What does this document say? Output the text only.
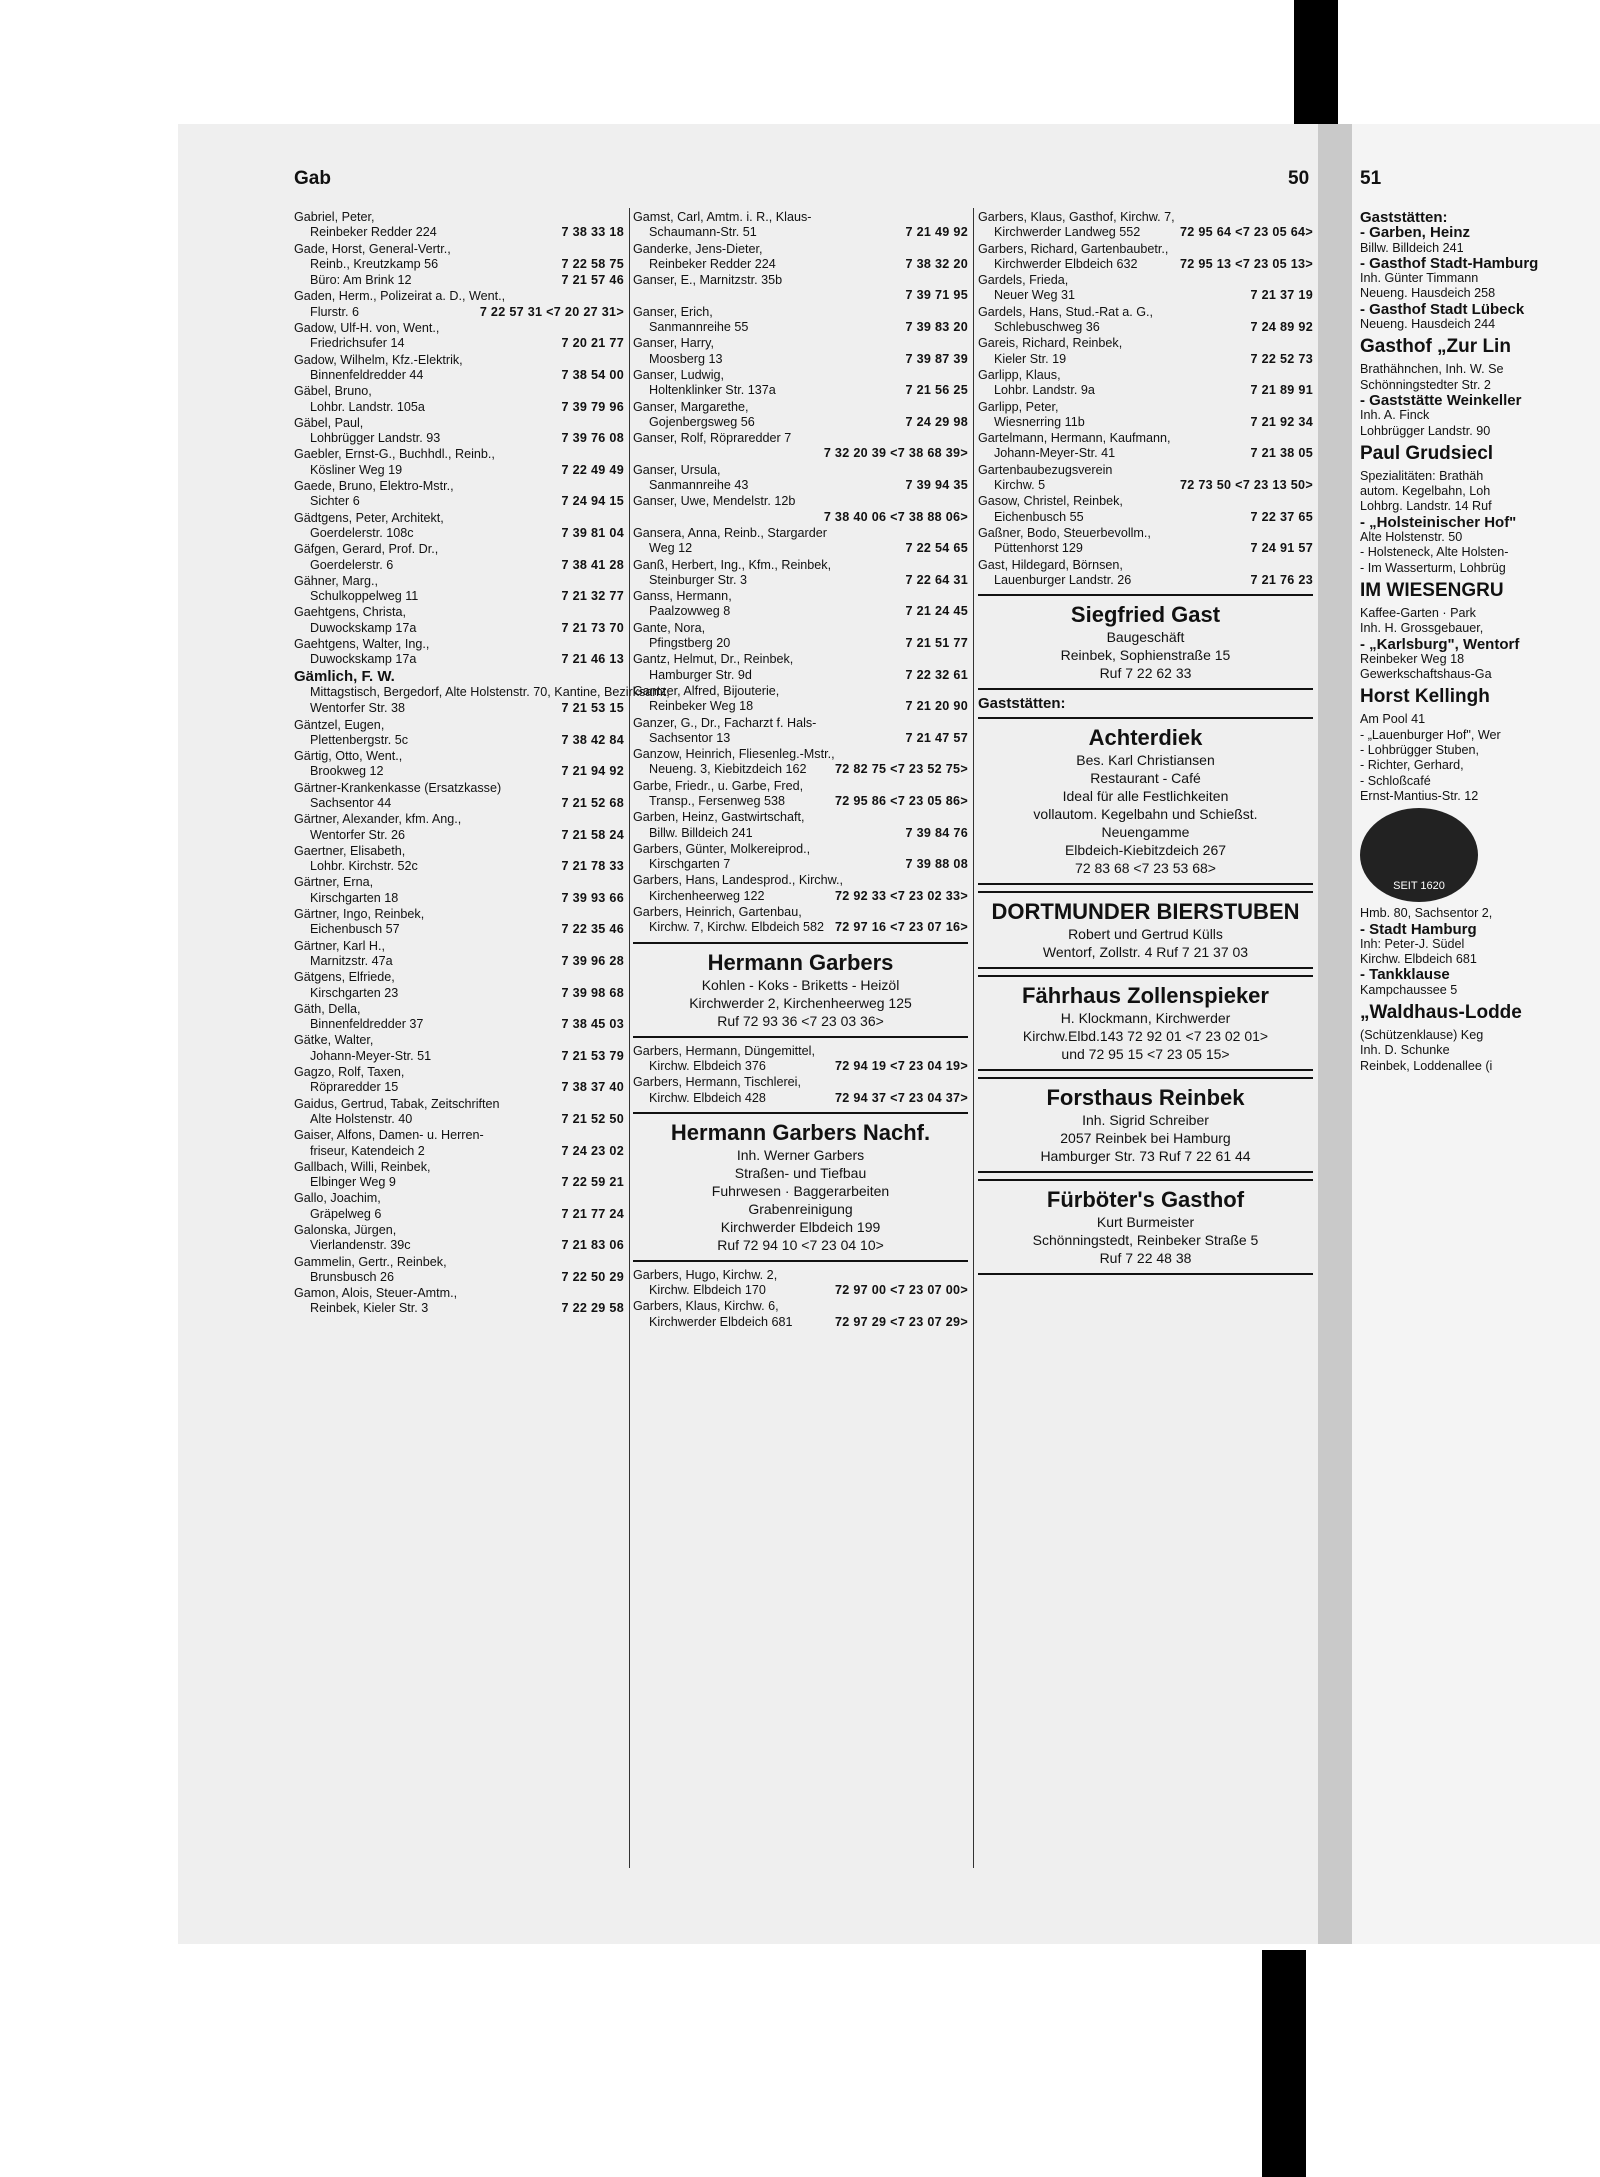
Gab	50
Gabriel, Peter,
Reinbeker Redder 224	7 38 33 18
Gade, Horst, General-Vertr.,
Reinb., Kreutzkamp 56	7 22 58 75
Büro: Am Brink 12	7 21 57 46
Gaden, Herm., Polizeirat a. D., Went.,
Flurstr. 6	7 22 57 31 <7 20 27 31>
Gadow, Ulf-H. von, Went.,
Friedrichsufer 14	7 20 21 77
Gadow, Wilhelm, Kfz.-Elektrik,
Binnenfeldredder 44	7 38 54 00
Gäbel, Bruno,
Lohbr. Landstr. 105a	7 39 79 96
Gäbel, Paul,
Lohbrügger Landstr. 93	7 39 76 08
Gaebler, Ernst-G., Buchhdl., Reinb.,
Kösliner Weg 19	7 22 49 49
Gaede, Bruno, Elektro-Mstr.,
Sichter 6	7 24 94 15
Gädtgens, Peter, Architekt,
Goerdelerstr. 108c	7 39 81 04
Gäfgen, Gerard, Prof. Dr.,
Goerdelerstr. 6	7 38 41 28
Gähner, Marg.,
Schulkoppelweg 11	7 21 32 77
Gaehtgens, Christa,
Duwockskamp 17a	7 21 73 70
Gaehtgens, Walter, Ing.,
Duwockskamp 17a	7 21 46 13
Gämlich, F. W.
Mittagstisch, Bergedorf, Alte Holstenstr. 70, Kantine, Bezirksamt,
Wentorfer Str. 38	7 21 53 15
Gäntzel, Eugen,
Plettenbergstr. 5c	7 38 42 84
Gärtig, Otto, Went.,
Brookweg 12	7 21 94 92
Gärtner-Krankenkasse (Ersatzkasse)
Sachsentor 44	7 21 52 68
Gärtner, Alexander, kfm. Ang.,
Wentorfer Str. 26	7 21 58 24
Gaertner, Elisabeth,
Lohbr. Kirchstr. 52c	7 21 78 33
Gärtner, Erna,
Kirschgarten 18	7 39 93 66
Gärtner, Ingo, Reinbek,
Eichenbusch 57	7 22 35 46
Gärtner, Karl H.,
Marnitzstr. 47a	7 39 96 28
Gätgens, Elfriede,
Kirschgarten 23	7 39 98 68
Gäth, Della,
Binnenfeldredder 37	7 38 45 03
Gätke, Walter,
Johann-Meyer-Str. 51	7 21 53 79
Gagzo, Rolf, Taxen,
Röpraredder 15	7 38 37 40
Gaidus, Gertrud, Tabak, Zeitschriften
Alte Holstenstr. 40	7 21 52 50
Gaiser, Alfons, Damen- u. Herren-
friseur, Katendeich 2	7 24 23 02
Gallbach, Willi, Reinbek,
Elbinger Weg 9	7 22 59 21
Gallo, Joachim,
Gräpelweg 6	7 21 77 24
Galonska, Jürgen,
Vierlandenstr. 39c	7 21 83 06
Gammelin, Gertr., Reinbek,
Brunsbusch 26	7 22 50 29
Gamon, Alois, Steuer-Amtm.,
Reinbek, Kieler Str. 3	7 22 29 58
Gamst, Carl, Amtm. i. R., Klaus-
Schaumann-Str. 51	7 21 49 92
Ganderke, Jens-Dieter,
Reinbeker Redder 224	7 38 32 20
Ganser, E., Marnitzstr. 35b
7 39 71 95
Ganser, Erich,
Sanmannreihe 55	7 39 83 20
Ganser, Harry,
Moosberg 13	7 39 87 39
Ganser, Ludwig,
Holtenklinker Str. 137a	7 21 56 25
Ganser, Margarethe,
Gojenbergsweg 56	7 24 29 98
Ganser, Rolf, Röpraredder 7
7 32 20 39 <7 38 68 39>
Ganser, Ursula,
Sanmannreihe 43	7 39 94 35
Ganser, Uwe, Mendelstr. 12b
7 38 40 06 <7 38 88 06>
Gansera, Anna, Reinb., Stargarder
Weg 12	7 22 54 65
Ganß, Herbert, Ing., Kfm., Reinbek,
Steinburger Str. 3	7 22 64 31
Ganss, Hermann,
Paalzowweg 8	7 21 24 45
Gante, Nora,
Pfingstberg 20	7 21 51 77
Gantz, Helmut, Dr., Reinbek,
Hamburger Str. 9d	7 22 32 61
Gantzer, Alfred, Bijouterie,
Reinbeker Weg 18	7 21 20 90
Ganzer, G., Dr., Facharzt f. Hals-
Sachsentor 13	7 21 47 57
Ganzow, Heinrich, Fliesenleg.-Mstr.,
Neueng. 3, Kiebitzdeich 162 72 82 75 <7 23 52 75>
Garbe, Friedr., u. Garbe, Fred,
Transp., Fersenweg 538	72 95 86 <7 23 05 86>
Garben, Heinz, Gastwirtschaft,
Billw. Billdeich 241	7 39 84 76
Garbers, Günter, Molkereiprod.,
Kirschgarten 7	7 39 88 08
Garbers, Hans, Landesprod., Kirchw.,
Kirchenheerweg 122	72 92 33 <7 23 02 33>
Garbers, Heinrich, Gartenbau,
Kirchw. 7, Kirchw. Elbdeich 582 72 97 16 <7 23 07 16>
Hermann Garbers
Kohlen - Koks - Briketts - Heizöl
Kirchwerder 2, Kirchenheerweg 125
Ruf 72 93 36 <7 23 03 36>
Garbers, Hermann, Düngemittel,
Kirchw. Elbdeich 376	72 94 19 <7 23 04 19>
Garbers, Hermann, Tischlerei,
Kirchw. Elbdeich 428	72 94 37 <7 23 04 37>
Hermann Garbers Nachf.
Inh. Werner Garbers
Straßen- und Tiefbau
Fuhrwesen · Baggerarbeiten
Grabenreinigung
Kirchwerder Elbdeich 199
Ruf 72 94 10 <7 23 04 10>
Garbers, Hugo, Kirchw. 2,
Kirchw. Elbdeich 170	72 97 00 <7 23 07 00>
Garbers, Klaus, Kirchw. 6,
Kirchwerder Elbdeich 681	72 97 29 <7 23 07 29>
Garbers, Klaus, Gasthof, Kirchw. 7,
Kirchwerder Landweg 552	72 95 64 <7 23 05 64>
Garbers, Richard, Gartenbaubetr.,
Kirchwerder Elbdeich 632	72 95 13 <7 23 05 13>
Gardels, Frieda,
Neuer Weg 31	7 21 37 19
Gardels, Hans, Stud.-Rat a. G.,
Schlebuschweg 36	7 24 89 92
Gareis, Richard, Reinbek,
Kieler Str. 19	7 22 52 73
Garlipp, Klaus,
Lohbr. Landstr. 9a	7 21 89 91
Garlipp, Peter,
Wiesnerring 11b	7 21 92 34
Gartelmann, Hermann, Kaufmann,
Johann-Meyer-Str. 41	7 21 38 05
Gartenbaubezugsverein
Kirchw. 5	72 73 50 <7 23 13 50>
Gasow, Christel, Reinbek,
Eichenbusch 55	7 22 37 65
Gaßner, Bodo, Steuerbevollm.,
Püttenhorst 129	7 24 91 57
Gast, Hildegard, Börnsen,
Lauenburger Landstr. 26	7 21 76 23
Siegfried Gast
Baugeschäft
Reinbek, Sophienstraße 15
Ruf 7 22 62 33
Gaststätten:
Achterdiek
Bes. Karl Christiansen
Restaurant - Café
Ideal für alle Festlichkeiten
vollautom. Kegelbahn und Schießst.
Neuengamme
Elbdeich-Kiebitzdeich 267
72 83 68 <7 23 53 68>
DORTMUNDER BIERSTUBEN
Robert und Gertrud Külls
Wentorf, Zollstr. 4 Ruf 7 21 37 03
Fährhaus Zollenspieker
H. Klockmann, Kirchwerder
Kirchw.Elbd.143 72 92 01 <7 23 02 01>
und 72 95 15 <7 23 05 15>
Forsthaus Reinbek
Inh. Sigrid Schreiber
2057 Reinbek bei Hamburg
Hamburger Str. 73 Ruf 7 22 61 44
Fürböter's Gasthof
Kurt Burmeister
Schönningstedt, Reinbeker Straße 5
Ruf 7 22 48 38
51
Gaststätten:
- Garben, Heinz
Billw. Billdeich 241
- Gasthof Stadt-Hamburg
Inh. Günter Timmann
Neueng. Hausdeich 258
- Gasthof Stadt Lübeck
Neueng. Hausdeich 244
Gasthof „Zur Lin
Brathähnchen, Inh. W. Se
Schönningstedter Str. 2
- Gaststätte Weinkeller
Inh. A. Finck
Lohbrügger Landstr. 90
Paul Grudsiecl
Spezialitäten: Brathäh
autom. Kegelbahn, Loh
Lohbrg. Landstr. 14 Ruf
- „Holsteinischer Hof"
Alte Holstenstr. 50
- Holsteneck, Alte Holsten-
- Im Wasserturm, Lohbrüg
IM WIESENGRU
Kaffee-Garten · Park
Inh. H. Grossgebauer,
- „Karlsburg", Wentorf
Reinbeker Weg 18
Gewerkschaftshaus-Ga
Horst Kellingh
Am Pool 41
- „Lauenburger Hof", Wer
- Lohbrügger Stuben,
- Richter, Gerhard,
- Schloßcafé
Ernst-Mantius-Str. 12
SEIT 1620
Hmb. 80, Sachsentor 2,
- Stadt Hamburg
Inh: Peter-J. Südel
Kirchw. Elbdeich 681
- Tankklause
Kampchaussee 5
„Waldhaus-Lodde
(Schützenklause) Keg
Inh. D. Schunke
Reinbek, Loddenallee (i
